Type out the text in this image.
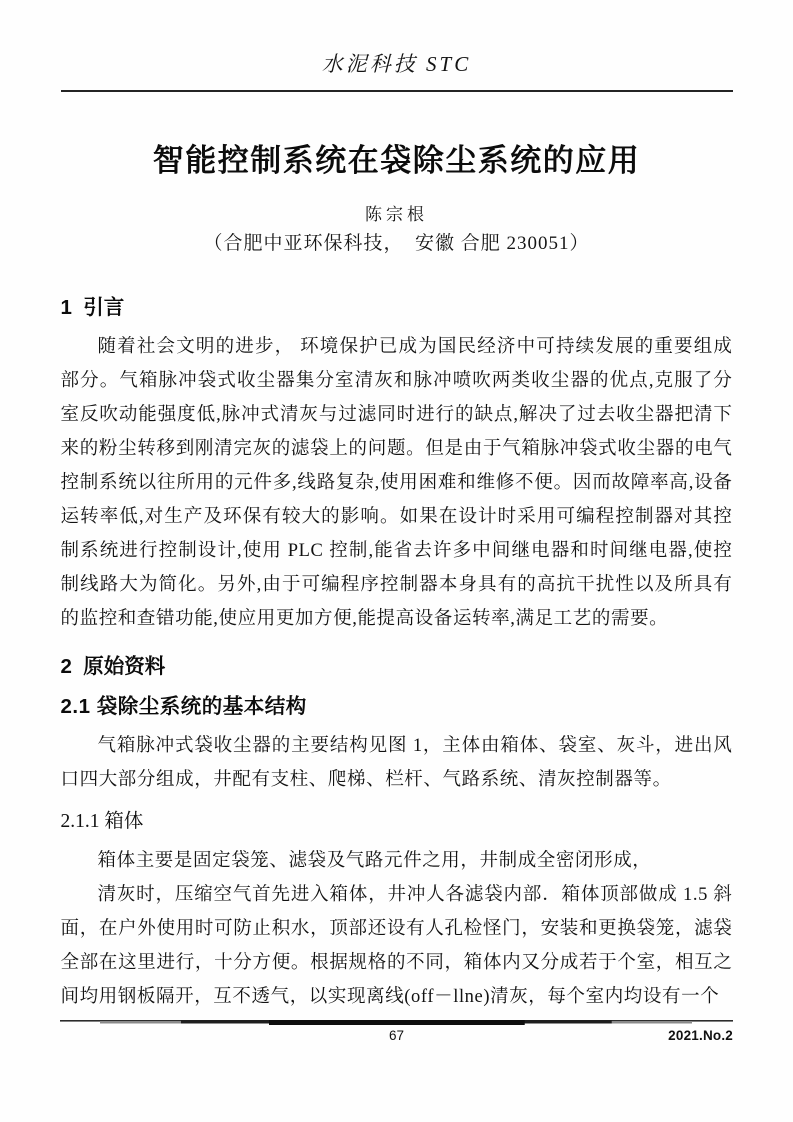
水泥科技 STC
智能控制系统在袋除尘系统的应用
陈宗根
（合肥中亚环保科技，  安徽 合肥 230051）
1  引言

随着社会文明的进步， 环境保护已成为国民经济中可持续发展的重要组成部分。气箱脉冲袋式收尘器集分室清灰和脉冲喷吹两类收尘器的优点,克服了分室反吹动能强度低,脉冲式清灰与过滤同时进行的缺点,解决了过去收尘器把清下来的粉尘转移到刚清完灰的滤袋上的问题。但是由于气箱脉冲袋式收尘器的电气控制系统以往所用的元件多,线路复杂,使用困难和维修不便。因而故障率高,设备运转率低,对生产及环保有较大的影响。如果在设计时采用可编程控制器对其控制系统进行控制设计,使用 PLC 控制,能省去许多中间继电器和时间继电器,使控制线路大为简化。另外,由于可编程序控制器本身具有的高抗干扰性以及所具有的监控和查错功能,使应用更加方便,能提高设备运转率,满足工艺的需要。

2  原始资料
2.1 袋除尘系统的基本结构

气箱脉冲式袋收尘器的主要结构见图 1，主体由箱体、袋室、灰斗，进出风口四大部分组成，井配有支柱、爬梯、栏杆、气路系统、清灰控制器等。

2.1.1 箱体

箱体主要是固定袋笼、滤袋及气路元件之用，井制成全密闭形成，

清灰时，压缩空气首先进入箱体，井冲人各滤袋内部．箱体顶部做成 1.5 斜面，在户外使用时可防止积水，顶部还设有人孔检怪门，安装和更换袋笼，滤袋全部在这里进行，十分方便。根据规格的不同，箱体内又分成若于个室，相互之间均用钢板隔开，互不透气，以实现离线(off－llne)清灰，每个室内均设有一个

67	2021.No.2
